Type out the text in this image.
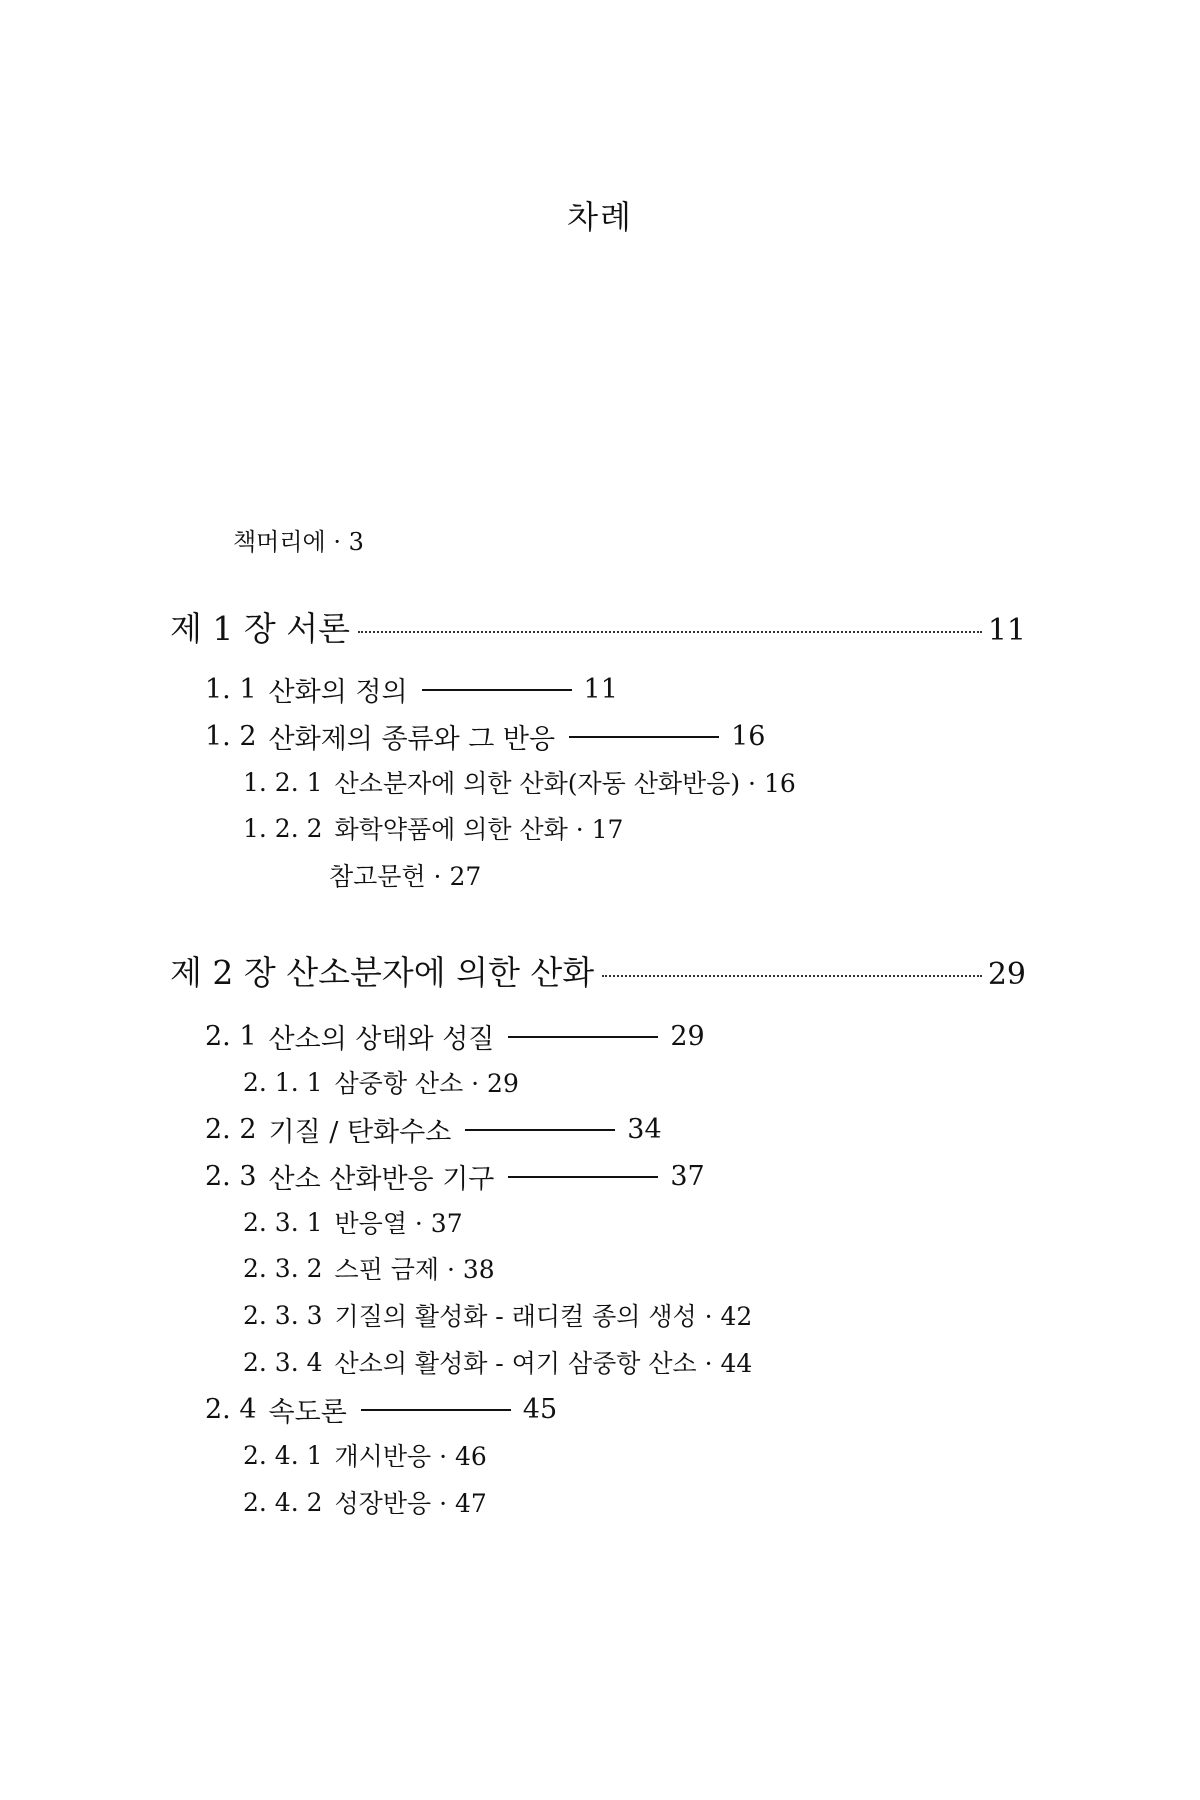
차례
책머리에 · 3
제 1 장 서론	11
1. 1 산화의 정의	11
1. 2 산화제의 종류와 그 반응	16
1. 2. 1 산소분자에 의한 산화(자동 산화반응) · 16
1. 2. 2 화학약품에 의한 산화 · 17
참고문헌 · 27
제 2 장 산소분자에 의한 산화	29
2. 1 산소의 상태와 성질	29
2. 1. 1 삼중항 산소 · 29
2. 2 기질 / 탄화수소	34
2. 3 산소 산화반응 기구	37
2. 3. 1 반응열 · 37
2. 3. 2 스핀 금제 · 38
2. 3. 3 기질의 활성화 - 래디컬 종의 생성 · 42
2. 3. 4 산소의 활성화 - 여기 삼중항 산소 · 44
2. 4 속도론	45
2. 4. 1 개시반응 · 46
2. 4. 2 성장반응 · 47
